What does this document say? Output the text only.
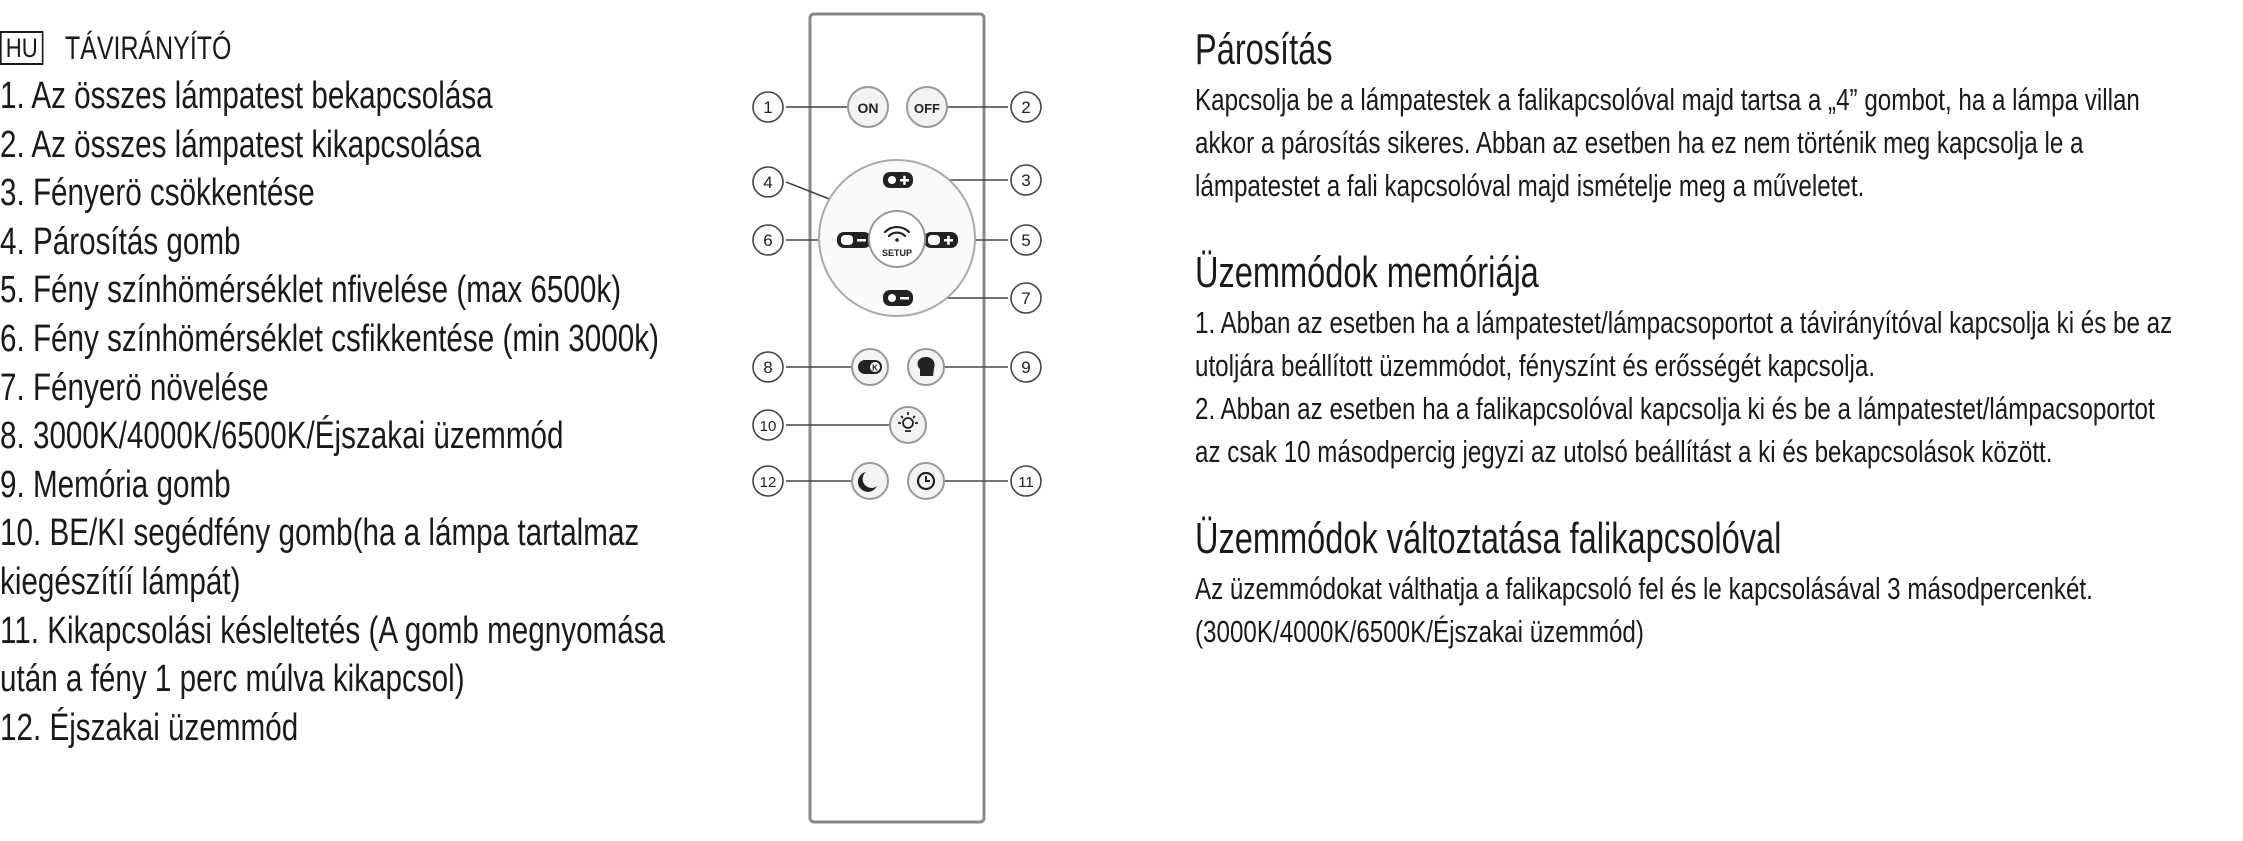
HU TÁVIRÁNYÍTÓ
1. Az összes lámpatest bekapcsolása
2. Az összes lámpatest kikapcsolása
3. Fényerö csökkentése
4. Párosítás gomb
5. Fény színhömérséklet nfivelése (max 6500k)
6. Fény színhömérséklet csfikkentése (min 3000k)
7. Fényerö növelése
8. 3000K/4000K/6500K/Éjszakai üzemmód
9. Memória gomb
10. BE/KI segédfény gomb(ha a lámpa tartalmaz
kiegészítíí lámpát)
11. Kikapcsolási késleltetés (A gomb megnyomása
után a fény 1 perc múlva kikapcsol)
12. Éjszakai üzemmód
1	2
3
4
5
6
7
8	9
10
11
12
ON	OFF
SETUP
K
Párosítás
Kapcsolja be a lámpatestek a falikapcsolóval majd tartsa a „4” gombot, ha a lámpa villan
akkor a párosítás sikeres. Abban az esetben ha ez nem történik meg kapcsolja le a
lámpatestet a fali kapcsolóval majd ismételje meg a műveletet.
Üzemmódok memóriája
1. Abban az esetben ha a lámpatestet/lámpacsoportot a távirányítóval kapcsolja ki és be az
utoljára beállított üzemmódot, fényszínt és erősségét kapcsolja.
2. Abban az esetben ha a falikapcsolóval kapcsolja ki és be a lámpatestet/lámpacsoportot
az csak 10 másodpercig jegyzi az utolsó beállítást a ki és bekapcsolások között.
Üzemmódok változtatása falikapcsolóval
Az üzemmódokat válthatja a falikapcsoló fel és le kapcsolásával 3 másodpercenkét.
(3000K/4000K/6500K/Éjszakai üzemmód)
